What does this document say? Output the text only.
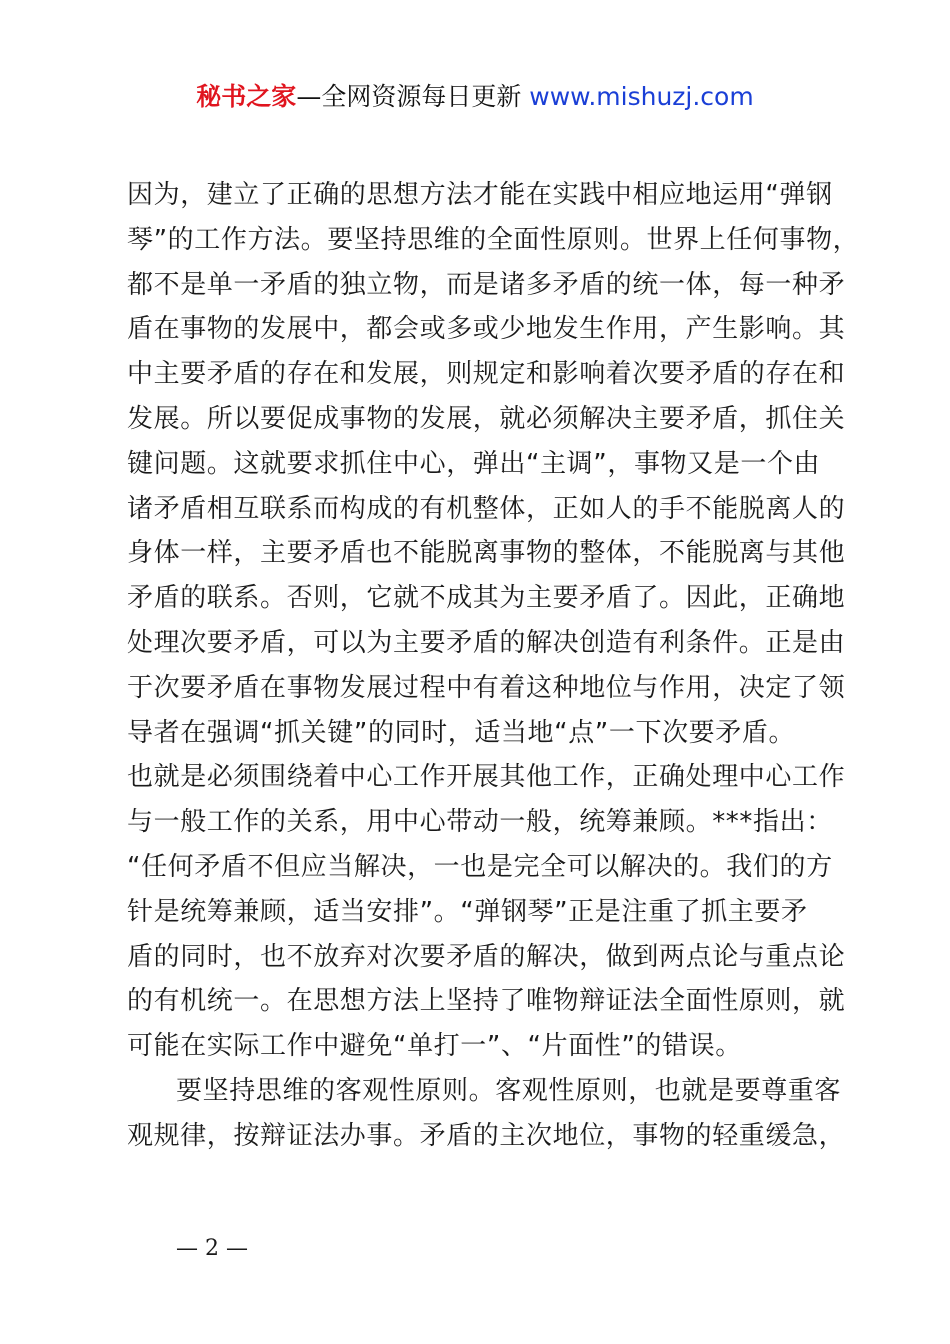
秘书之家—全网资源每日更新 www.mishuzj.com
因为，建立了正确的思想方法才能在实践中相应地运用“弹钢
琴”的工作方法。要坚持思维的全面性原则。世界上任何事物，
都不是单一矛盾的独立物，而是诸多矛盾的统一体，每一种矛
盾在事物的发展中，都会或多或少地发生作用，产生影响。其
中主要矛盾的存在和发展，则规定和影响着次要矛盾的存在和
发展。所以要促成事物的发展，就必须解决主要矛盾，抓住关
键问题。这就要求抓住中心，弹出“主调”，事物又是一个由
诸矛盾相互联系而构成的有机整体，正如人的手不能脱离人的
身体一样，主要矛盾也不能脱离事物的整体，不能脱离与其他
矛盾的联系。否则，它就不成其为主要矛盾了。因此，正确地
处理次要矛盾，可以为主要矛盾的解决创造有利条件。正是由
于次要矛盾在事物发展过程中有着这种地位与作用，决定了领
导者在强调“抓关键”的同时，适当地“点”一下次要矛盾。
也就是必须围绕着中心工作开展其他工作，正确处理中心工作
与一般工作的关系，用中心带动一般，统筹兼顾。***指出：
“任何矛盾不但应当解决，一也是完全可以解决的。我们的方
针是统筹兼顾，适当安排”。“弹钢琴”正是注重了抓主要矛
盾的同时，也不放弃对次要矛盾的解决，做到两点论与重点论
的有机统一。在思想方法上坚持了唯物辩证法全面性原则，就
可能在实际工作中避免“单打一”、“片面性”的错误。
要坚持思维的客观性原则。客观性原则，也就是要尊重客
观规律，按辩证法办事。矛盾的主次地位，事物的轻重缓急，
— 2 —
